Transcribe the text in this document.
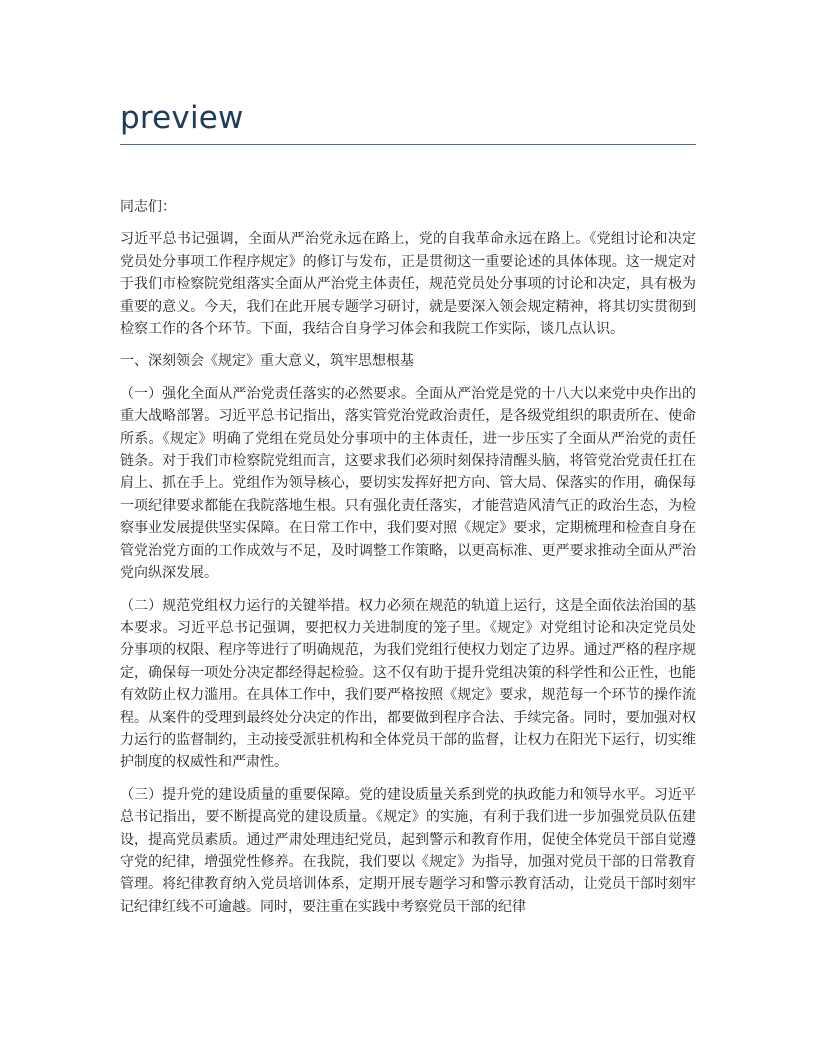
preview

同志们：

习近平总书记强调，全面从严治党永远在路上，党的自我革命永远在路上。《党组讨论和决定党员处分事项工作程序规定》的修订与发布，正是贯彻这一重要论述的具体体现。这一规定对于我们市检察院党组落实全面从严治党主体责任，规范党员处分事项的讨论和决定，具有极为重要的意义。今天，我们在此开展专题学习研讨，就是要深入领会规定精神，将其切实贯彻到检察工作的各个环节。下面，我结合自身学习体会和我院工作实际，谈几点认识。

一、深刻领会《规定》重大意义，筑牢思想根基

（一）强化全面从严治党责任落实的必然要求。全面从严治党是党的十八大以来党中央作出的重大战略部署。习近平总书记指出，落实管党治党政治责任，是各级党组织的职责所在、使命所系。《规定》明确了党组在党员处分事项中的主体责任，进一步压实了全面从严治党的责任链条。对于我们市检察院党组而言，这要求我们必须时刻保持清醒头脑，将管党治党责任扛在肩上、抓在手上。党组作为领导核心，要切实发挥好把方向、管大局、保落实的作用，确保每一项纪律要求都能在我院落地生根。只有强化责任落实，才能营造风清气正的政治生态，为检察事业发展提供坚实保障。在日常工作中，我们要对照《规定》要求，定期梳理和检查自身在管党治党方面的工作成效与不足，及时调整工作策略，以更高标准、更严要求推动全面从严治党向纵深发展。

（二）规范党组权力运行的关键举措。权力必须在规范的轨道上运行，这是全面依法治国的基本要求。习近平总书记强调，要把权力关进制度的笼子里。《规定》对党组讨论和决定党员处分事项的权限、程序等进行了明确规范，为我们党组行使权力划定了边界。通过严格的程序规定，确保每一项处分决定都经得起检验。这不仅有助于提升党组决策的科学性和公正性，也能有效防止权力滥用。在具体工作中，我们要严格按照《规定》要求，规范每一个环节的操作流程。从案件的受理到最终处分决定的作出，都要做到程序合法、手续完备。同时，要加强对权力运行的监督制约，主动接受派驻机构和全体党员干部的监督，让权力在阳光下运行，切实维护制度的权威性和严肃性。

（三）提升党的建设质量的重要保障。党的建设质量关系到党的执政能力和领导水平。习近平总书记指出，要不断提高党的建设质量。《规定》的实施，有利于我们进一步加强党员队伍建设，提高党员素质。通过严肃处理违纪党员，起到警示和教育作用，促使全体党员干部自觉遵守党的纪律，增强党性修养。在我院，我们要以《规定》为指导，加强对党员干部的日常教育管理。将纪律教育纳入党员培训体系，定期开展专题学习和警示教育活动，让党员干部时刻牢记纪律红线不可逾越。同时，要注重在实践中考察党员干部的纪律
